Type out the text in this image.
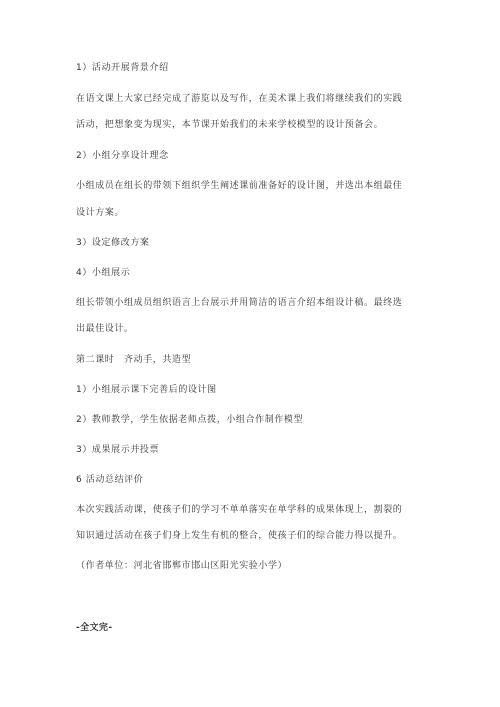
1）活动开展背景介绍
在语文课上大家已经完成了游览以及写作，在美术课上我们将继续我们的实践
活动，把想象变为现实，本节课开始我们的未来学校模型的设计预备会。
2）小组分享设计理念
小组成员在组长的带领下组织学生阐述课前准备好的设计图，并选出本组最佳
设计方案。
3）设定修改方案
4）小组展示
组长带领小组成员组织语言上台展示并用简洁的语言介绍本组设计稿。最终选
出最佳设计。
第二课时　齐动手，共造型
1）小组展示课下完善后的设计图
2）教师教学，学生依据老师点拨，小组合作制作模型
3）成果展示并投票
6 活动总结评价
本次实践活动课，使孩子们的学习不单单落实在单学科的成果体现上，割裂的
知识通过活动在孩子们身上发生有机的整合，使孩子们的综合能力得以提升。
（作者单位：河北省邯郸市邯山区阳光实验小学）
-全文完-
